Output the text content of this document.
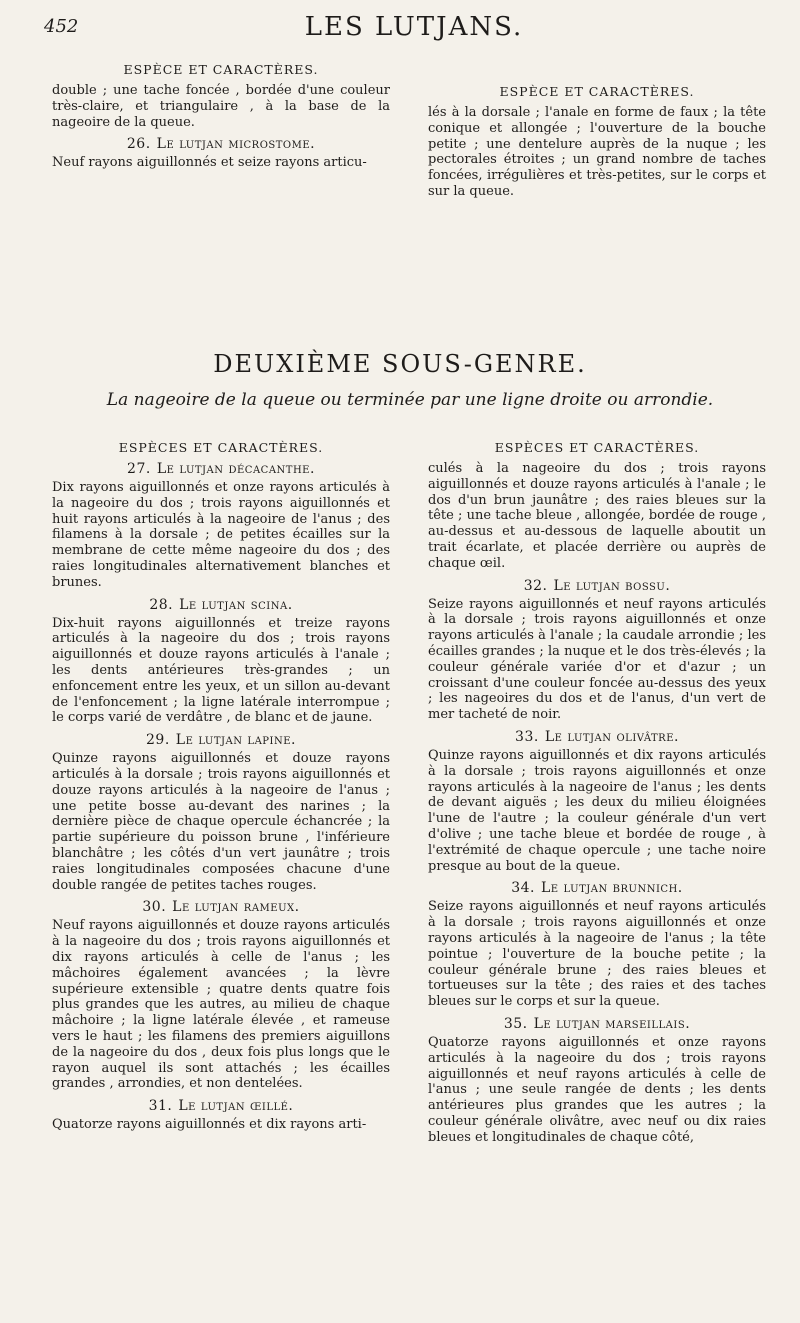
452	LES LUTJANS.
ESPÈCE ET CARACTÈRES.

double ; une tache foncée , bordée d'une couleur très-claire, et triangulaire , à la base de la nageoire de la queue.

26. Le lutjan microstome.

Neuf rayons aiguillonnés et seize rayons articu-

ESPÈCE ET CARACTÈRES.

lés à la dorsale ; l'anale en forme de faux ; la tête conique et allongée ; l'ouverture de la bouche petite ; une dentelure auprès de la nuque ; les pectorales étroites ; un grand nombre de taches foncées, irrégulières et très-petites, sur le corps et sur la queue.

DEUXIÈME SOUS-GENRE.
La nageoire de la queue ou terminée par une ligne droite ou arrondie.
ESPÈCES ET CARACTÈRES.
27. Le lutjan décacanthe.

Dix rayons aiguillonnés et onze rayons articulés à la nageoire du dos ; trois rayons aiguillonnés et huit rayons articulés à la nageoire de l'anus ; des filamens à la dorsale ; de petites écailles sur la membrane de cette même nageoire du dos ; des raies longitudinales alternativement blanches et brunes.

28. Le lutjan scina.

Dix-huit rayons aiguillonnés et treize rayons articulés à la nageoire du dos ; trois rayons aiguillonnés et douze rayons articulés à l'anale ; les dents antérieures très-grandes ; un enfoncement entre les yeux, et un sillon au-devant de l'enfoncement ; la ligne latérale interrompue ; le corps varié de verdâtre , de blanc et de jaune.

29. Le lutjan lapine.

Quinze rayons aiguillonnés et douze rayons articulés à la dorsale ; trois rayons aiguillonnés et douze rayons articulés à la nageoire de l'anus ; une petite bosse au-devant des narines ; la dernière pièce de chaque opercule échancrée ; la partie supérieure du poisson brune , l'inférieure blanchâtre ; les côtés d'un vert jaunâtre ; trois raies longitudinales composées chacune d'une double rangée de petites taches rouges.

30. Le lutjan rameux.

Neuf rayons aiguillonnés et douze rayons articulés à la nageoire du dos ; trois rayons aiguillonnés et dix rayons articulés à celle de l'anus ; les mâchoires également avancées ; la lèvre supérieure extensible ; quatre dents quatre fois plus grandes que les autres, au milieu de chaque mâchoire ; la ligne latérale élevée , et rameuse vers le haut ; les filamens des premiers aiguillons de la nageoire du dos , deux fois plus longs que le rayon auquel ils sont attachés ; les écailles grandes , arrondies, et non dentelées.

31. Le lutjan œillé.

Quatorze rayons aiguillonnés et dix rayons arti-

ESPÈCES ET CARACTÈRES.

culés à la nageoire du dos ; trois rayons aiguillonnés et douze rayons articulés à l'anale ; le dos d'un brun jaunâtre ; des raies bleues sur la tête ; une tache bleue , allongée, bordée de rouge , au-dessus et au-dessous de laquelle aboutit un trait écarlate, et placée derrière ou auprès de chaque œil.

32. Le lutjan bossu.

Seize rayons aiguillonnés et neuf rayons articulés à la dorsale ; trois rayons aiguillonnés et onze rayons articulés à l'anale ; la caudale arrondie ; les écailles grandes ; la nuque et le dos très-élevés ; la couleur générale variée d'or et d'azur ; un croissant d'une couleur foncée au-dessus des yeux ; les nageoires du dos et de l'anus, d'un vert de mer tacheté de noir.

33. Le lutjan olivâtre.

Quinze rayons aiguillonnés et dix rayons articulés à la dorsale ; trois rayons aiguillonnés et onze rayons articulés à la nageoire de l'anus ; les dents de devant aiguës ; les deux du milieu éloignées l'une de l'autre ; la couleur générale d'un vert d'olive ; une tache bleue et bordée de rouge , à l'extrémité de chaque opercule ; une tache noire presque au bout de la queue.

34. Le lutjan brunnich.

Seize rayons aiguillonnés et neuf rayons articulés à la dorsale ; trois rayons aiguillonnés et onze rayons articulés à la nageoire de l'anus ; la tête pointue ; l'ouverture de la bouche petite ; la couleur générale brune ; des raies bleues et tortueuses sur la tête ; des raies et des taches bleues sur le corps et sur la queue.

35. Le lutjan marseillais.

Quatorze rayons aiguillonnés et onze rayons articulés à la nageoire du dos ; trois rayons aiguillonnés et neuf rayons articulés à celle de l'anus ; une seule rangée de dents ; les dents antérieures plus grandes que les autres ; la couleur générale olivâtre, avec neuf ou dix raies bleues et longitudinales de chaque côté,
